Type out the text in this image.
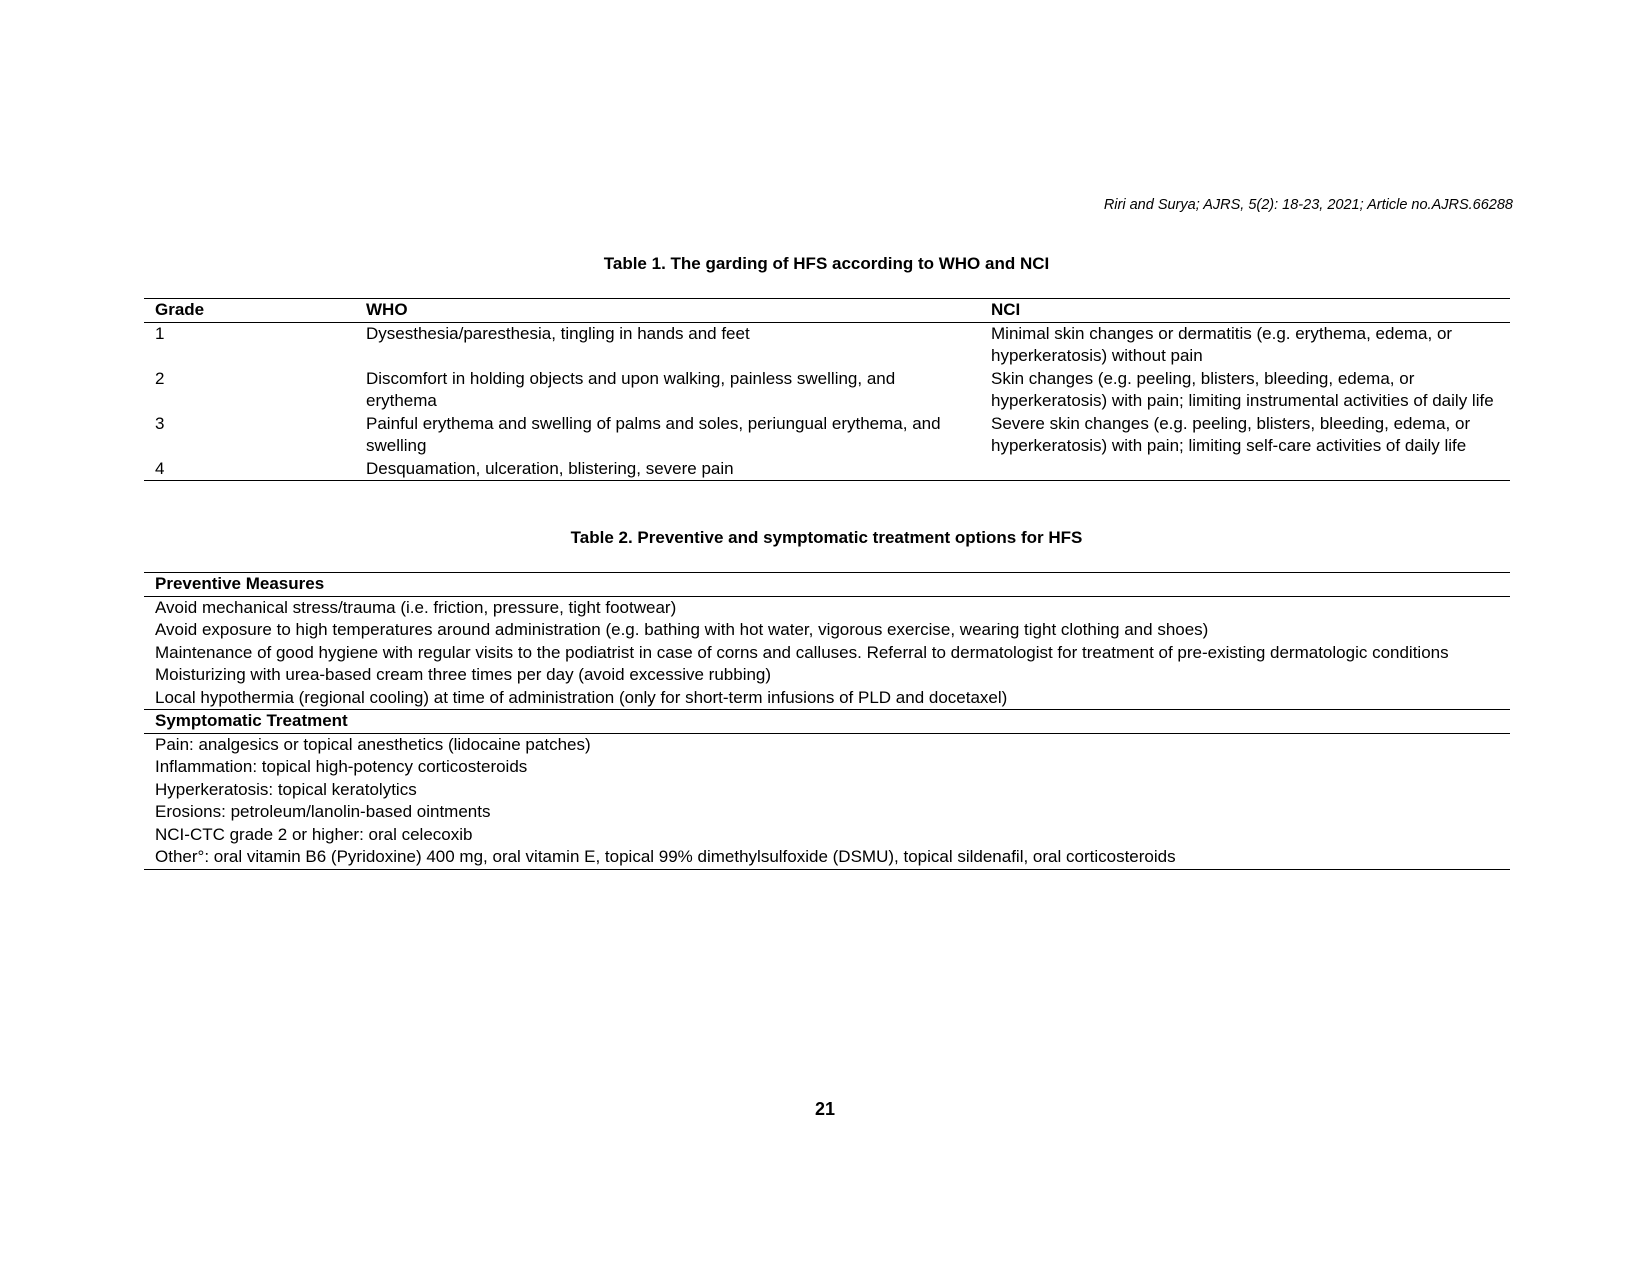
Riri and Surya; AJRS, 5(2): 18-23, 2021; Article no.AJRS.66288
Table 1. The garding of HFS according to WHO and NCI
Grade	WHO	NCI
1	Dysesthesia/paresthesia, tingling in hands and feet	Minimal skin changes or dermatitis (e.g. erythema, edema, or hyperkeratosis) without pain
2	Discomfort in holding objects and upon walking, painless swelling, and erythema	Skin changes (e.g. peeling, blisters, bleeding, edema, or hyperkeratosis) with pain; limiting instrumental activities of daily life
3	Painful erythema and swelling of palms and soles, periungual erythema, and swelling	Severe skin changes (e.g. peeling, blisters, bleeding, edema, or hyperkeratosis) with pain; limiting self-care activities of daily life
4	Desquamation, ulceration, blistering, severe pain	
Table 2. Preventive and symptomatic treatment options for HFS
Preventive Measures
Avoid mechanical stress/trauma (i.e. friction, pressure, tight footwear)
Avoid exposure to high temperatures around administration (e.g. bathing with hot water, vigorous exercise, wearing tight clothing and shoes)
Maintenance of good hygiene with regular visits to the podiatrist in case of corns and calluses. Referral to dermatologist for treatment of pre-existing dermatologic conditions
Moisturizing with urea-based cream three times per day (avoid excessive rubbing)
Local hypothermia (regional cooling) at time of administration (only for short-term infusions of PLD and docetaxel)
Symptomatic Treatment
Pain: analgesics or topical anesthetics (lidocaine patches)
Inflammation: topical high-potency corticosteroids
Hyperkeratosis: topical keratolytics
Erosions: petroleum/lanolin-based ointments
NCI-CTC grade 2 or higher: oral celecoxib
Other°: oral vitamin B6 (Pyridoxine) 400 mg, oral vitamin E, topical 99% dimethylsulfoxide (DSMU), topical sildenafil, oral corticosteroids
21
